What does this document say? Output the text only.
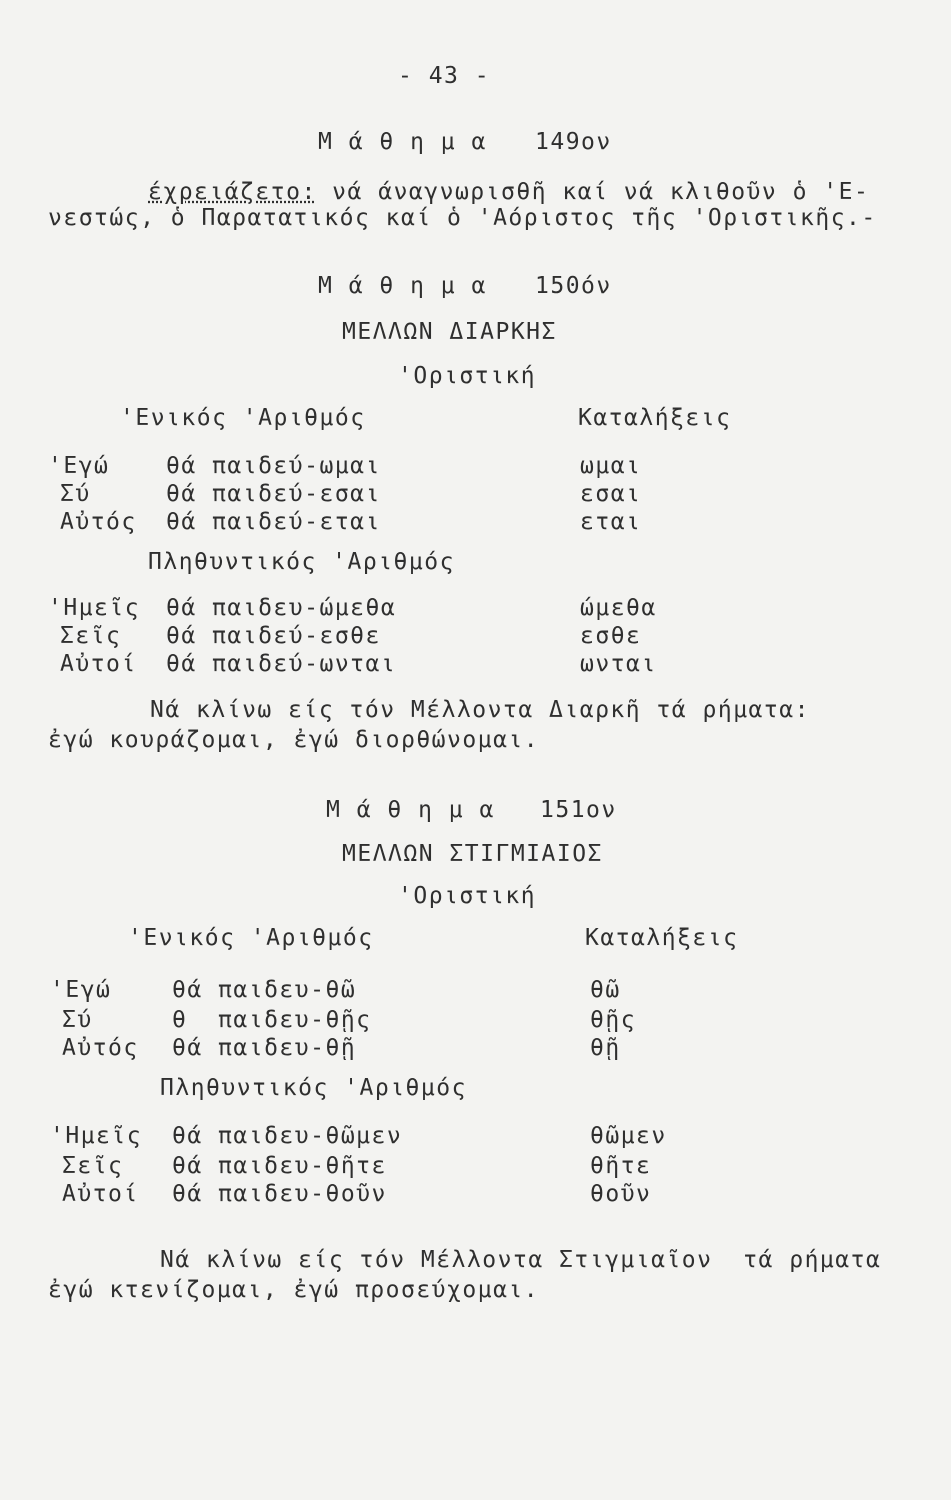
- 43 -
Μ ά θ η μ α 149ον
έχρειάζετο: νά άναγνωρισθῆ καί νά κλιθοῦν ὁ 'Ε-
νεστώς, ὁ Παρατατικός καί ὁ 'Αόριστος τῆς 'Οριστικῆς.-
Μ ά θ η μ α 150όν
ΜΕΛΛΩΝ ΔΙΑΡΚΗΣ
'Οριστική
'Ενικός 'Αριθμός	Καταλήξεις
'Εγώ θά παιδεύ-ωμαι	ωμαι
Σύ	θά παιδεύ-εσαι	εσαι
Αὐτός θά παιδεύ-εται	εται
Πληθυντικός 'Αριθμός
'Ημεῖς θά παιδευ-ώμεθα	ώμεθα
Σεῖς θά παιδεύ-εσθε	εσθε
Αὐτοί θά παιδεύ-ωνται	ωνται
Νά κλίνω είς τόν Μέλλοντα Διαρκῆ τά ρήματα:
ἐγώ κουράζομαι, ἐγώ διορθώνομαι.
Μ ά θ η μ α 151ον
ΜΕΛΛΩΝ ΣΤΙΓΜΙΑΙΟΣ
'Οριστική
'Ενικός 'Αριθμός	Καταλήξεις
'Εγώ	θά παιδευ-θῶ	θῶ
Σύ	θ  παιδευ-θῇς	θῇς
Αὐτός θά παιδευ-θῇ	θῇ
Πληθυντικός 'Αριθμός
'Ημεῖς θά παιδευ-θῶμεν	θῶμεν
Σεῖς θά παιδευ-θῆτε	θῆτε
Αὐτοί θά παιδευ-θοῦν	θοῦν
Νά κλίνω είς τόν Μέλλοντα Στιγμιαῖον  τά ρήματα
ἐγώ κτενίζομαι, ἐγώ προσεύχομαι.
